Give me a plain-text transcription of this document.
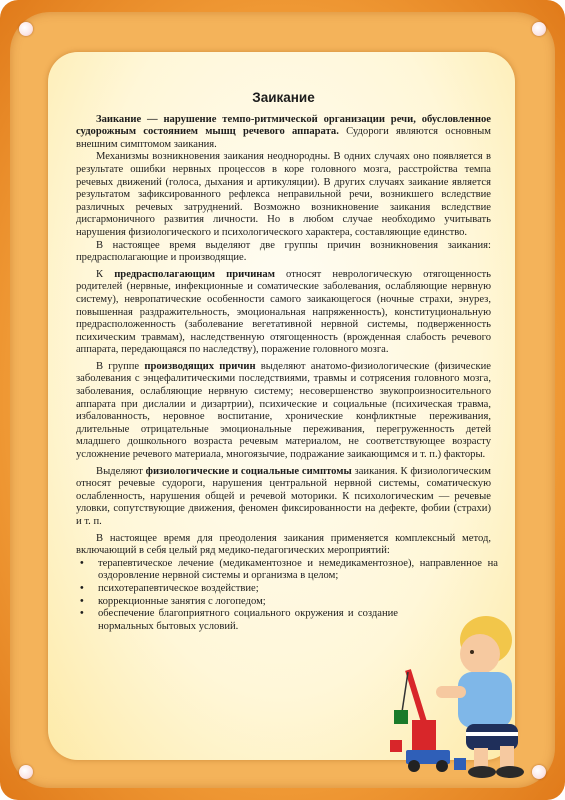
Заикание

Заикание — нарушение темпо-ритмической организации речи, обусловленное судорожным состоянием мышц речевого аппарата. Судороги являются основным внешним симптомом заикания.

Механизмы возникновения заикания неоднородны. В одних случаях оно появляется в результате ошибки нервных процессов в коре головного мозга, расстройства темпа речевых движений (голоса, дыхания и артикуляции). В других случаях заикание является результатом зафиксированного рефлекса неправильной речи, возникшего вследствие различных речевых затруднений. Возможно возникновение заикания вследствие дисгармоничного развития личности. Но в любом случае необходимо учитывать нарушения физиологического и психологического характера, составляющие единство.

В настоящее время выделяют две группы причин возникновения заикания: предрасполагающие и производящие.

К предрасполагающим причинам относят неврологическую отягощенность родителей (нервные, инфекционные и соматические заболевания, ослабляющие нервную систему), невропатические особенности самого заикающегося (ночные страхи, энурез, повышенная раздражительность, эмоциональная напряженность), конституциональную предрасположенность (заболевание вегетативной нервной системы, подверженность психическим травмам), наследственную отягощенность (врожденная слабость речевого аппарата, передающаяся по наследству), поражение головного мозга.

В группе производящих причин выделяют анатомо-физиологические (физические заболевания с энцефалитическими последствиями, травмы и сотрясения головного мозга, заболевания, ослабляющие нервную систему; несовершенство звукопроизносительного аппарата при дислалии и дизартрии), психические и социальные (психическая травма, избалованность, неровное воспитание, хронические конфликтные переживания, длительные отрицательные эмоциональные переживания, перегруженность детей младшего дошкольного возраста речевым материалом, не соответствующее возрасту усложнение речевого материала, многоязычие, подражание заикающимся и т. п.) факторы.

Выделяют физиологические и социальные симптомы заикания. К физиологическим относят речевые судороги, нарушения центральной нервной системы, соматическую ослабленность, нарушения общей и речевой моторики. К психологическим — речевые уловки, сопутствующие движения, феномен фиксированности на дефекте, фобии (страхи) и т. п.

В настоящее время для преодоления заикания применяется комплексный метод, включающий в себя целый ряд медико-педагогических мероприятий:

• терапевтическое лечение (медикаментозное и немедикаментозное), направленное на оздоровление нервной системы и организма в целом;
• психотерапевтическое воздействие;
• коррекционные занятия с логопедом;
• обеспечение благоприятного социального окружения и создание нормальных бытовых условий.
